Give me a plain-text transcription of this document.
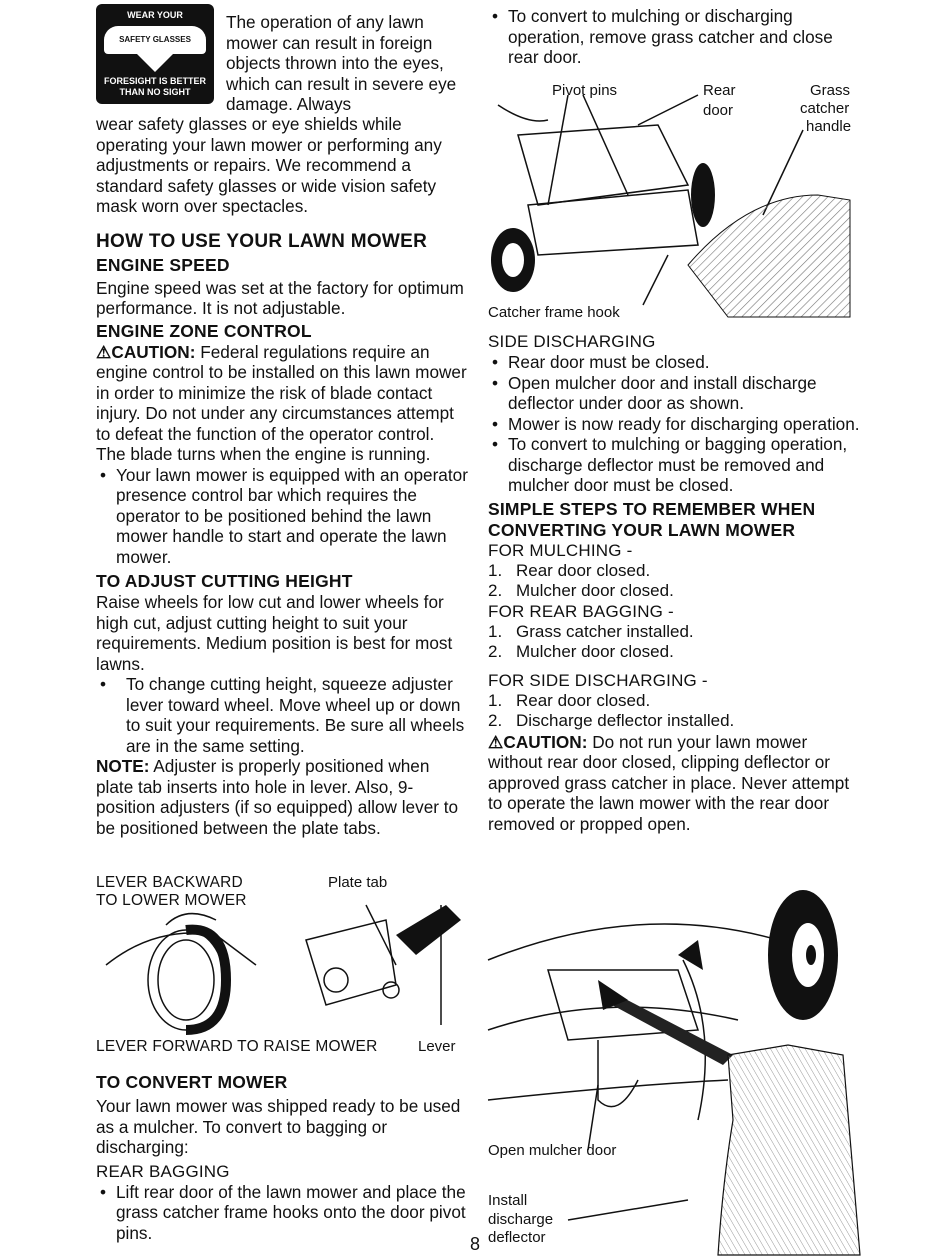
WEAR YOUR
SAFETY GLASSES
FORESIGHT IS BETTER
THAN NO SIGHT
The operation of any lawn mower can result in foreign objects thrown into the eyes, which can result in severe eye damage. Always

wear safety glasses or eye shields while operating your lawn mower or performing any adjustments or repairs. We recommend a standard safety glasses or wide vision safety mask worn over spectacles.

HOW TO USE YOUR LAWN MOWER

ENGINE SPEED

Engine speed was set at the factory for optimum performance. It is not adjustable.

ENGINE ZONE CONTROL

⚠CAUTION: Federal regulations require an engine control to be installed on this lawn mower in order to minimize the risk of blade contact injury. Do not under any circumstances attempt to defeat the function of the operator control. The blade turns when the engine is running.

• Your lawn mower is equipped with an operator presence control bar which requires the operator to be positioned behind the lawn mower handle to start and operate the lawn mower.

TO ADJUST CUTTING HEIGHT

Raise wheels for low cut and lower wheels for high cut, adjust cutting height to suit your requirements. Medium position is best for most lawns.

• To change cutting height, squeeze adjuster lever toward wheel. Move wheel up or down to suit your requirements. Be sure all wheels are in the same setting.

NOTE: Adjuster is properly positioned when plate tab inserts into hole in lever. Also, 9-position adjusters (if so equipped) allow lever to be positioned between the plate tabs.

LEVER BACKWARD
TO LOWER MOWER
Plate tab
LEVER FORWARD TO RAISE MOWER	Lever

TO CONVERT MOWER

Your lawn mower was shipped ready to be used as a mulcher. To convert to bagging or discharging:

REAR BAGGING

• Lift rear door of the lawn mower and place the grass catcher frame hooks onto the door pivot pins.

• To convert to mulching or discharging operation, remove grass catcher and close rear door.

Pivot pins	Rear
door
Grass
catcher
handle
Catcher frame hook

SIDE DISCHARGING

• Rear door must be closed.

• Open mulcher door and install discharge deflector under door as shown.

• Mower is now ready for discharging operation.

• To convert to mulching or bagging operation, discharge deflector must be removed and mulcher door must be closed.

SIMPLE STEPS TO REMEMBER WHEN CONVERTING YOUR LAWN MOWER

FOR MULCHING -

1. Rear door closed.
2. Mulcher door closed.

FOR REAR BAGGING -

1. Grass catcher installed.
2. Mulcher door closed.

FOR SIDE DISCHARGING -

1. Rear door closed.
2. Discharge deflector installed.

⚠CAUTION: Do not run your lawn mower without rear door closed, clipping deflector or approved grass catcher in place. Never attempt to operate the lawn mower with the rear door removed or propped open.

Open mulcher door
Install
discharge
deflector
8
